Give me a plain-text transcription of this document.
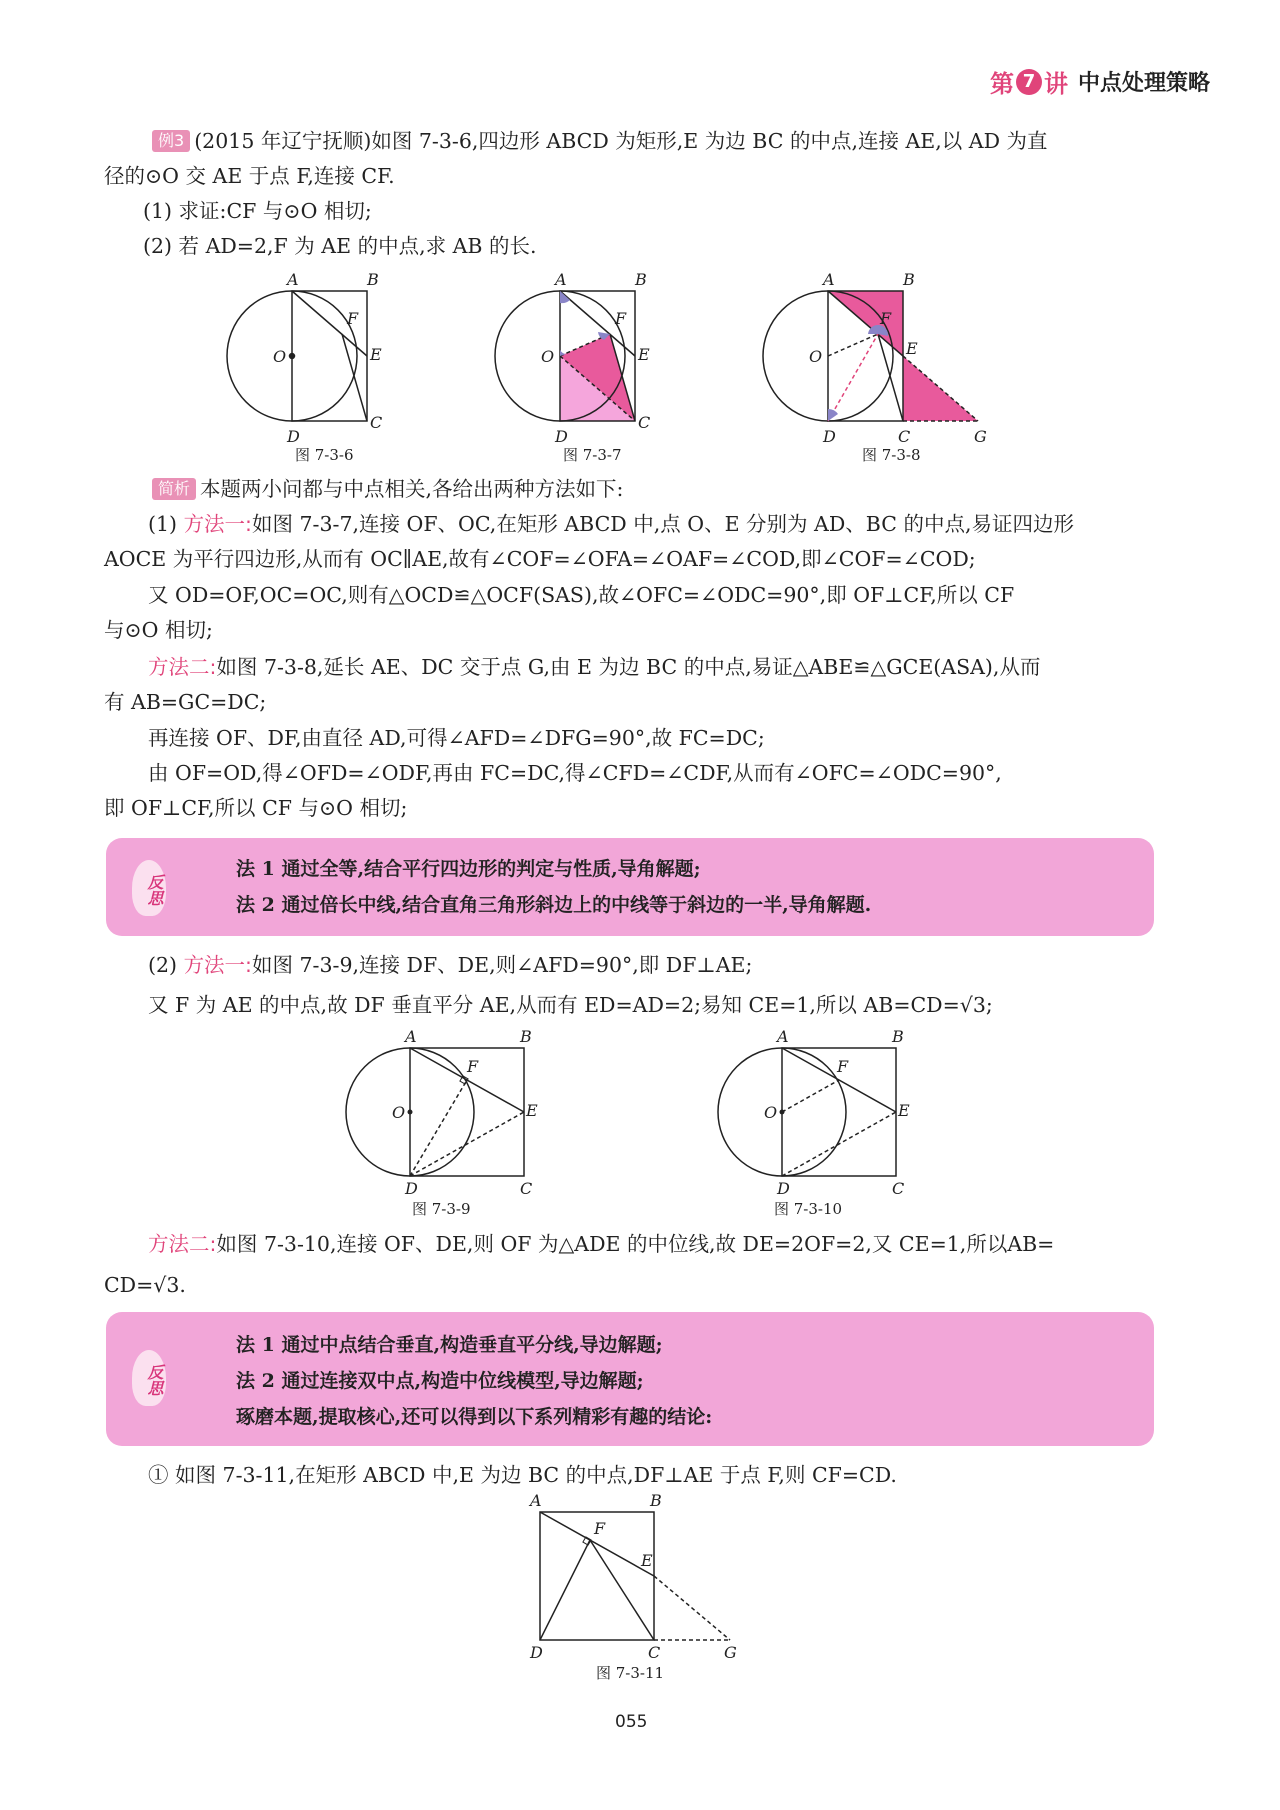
第 7 讲 中点处理策略
例3 (2015 年辽宁抚顺)如图 7-3-6,四边形 ABCD 为矩形,E 为边 BC 的中点,连接 AE,以 AD 为直
径的⊙O 交 AE 于点 F,连接 CF.
(1) 求证:CF 与⊙O 相切;
(2) 若 AD=2,F 为 AE 的中点,求 AB 的长.
A	B
F
O	E
D
C
图 7-3-6
A	B
F
O	E
D
C
图 7-3-7
A	B
F
O	E
D	C	G
图 7-3-8
简析 本题两小问都与中点相关,各给出两种方法如下:
(1) 方法一:如图 7-3-7,连接 OF、OC,在矩形 ABCD 中,点 O、E 分别为 AD、BC 的中点,易证四边形
AOCE 为平行四边形,从而有 OC∥AE,故有∠COF=∠OFA=∠OAF=∠COD,即∠COF=∠COD;
又 OD=OF,OC=OC,则有△OCD≌△OCF(SAS),故∠OFC=∠ODC=90°,即 OF⊥CF,所以 CF
与⊙O 相切;
方法二:如图 7-3-8,延长 AE、DC 交于点 G,由 E 为边 BC 的中点,易证△ABE≌△GCE(ASA),从而
有 AB=GC=DC;
再连接 OF、DF,由直径 AD,可得∠AFD=∠DFG=90°,故 FC=DC;
由 OF=OD,得∠OFD=∠ODF,再由 FC=DC,得∠CFD=∠CDF,从而有∠OFC=∠ODC=90°,
即 OF⊥CF,所以 CF 与⊙O 相切;
反思
法 1 通过全等,结合平行四边形的判定与性质,导角解题;
法 2 通过倍长中线,结合直角三角形斜边上的中线等于斜边的一半,导角解题.
(2) 方法一:如图 7-3-9,连接 DF、DE,则∠AFD=90°,即 DF⊥AE;
又 F 为 AE 的中点,故 DF 垂直平分 AE,从而有 ED=AD=2;易知 CE=1,所以 AB=CD=√3;
A	B
F
O	E
D	C
图 7-3-9
A	B
F
O	E
D	C
图 7-3-10
方法二:如图 7-3-10,连接 OF、DE,则 OF 为△ADE 的中位线,故 DE=2OF=2,又 CE=1,所以AB=
CD=√3.
反思
法 1 通过中点结合垂直,构造垂直平分线,导边解题;
法 2 通过连接双中点,构造中位线模型,导边解题;
琢磨本题,提取核心,还可以得到以下系列精彩有趣的结论:
① 如图 7-3-11,在矩形 ABCD 中,E 为边 BC 的中点,DF⊥AE 于点 F,则 CF=CD.
A	B
F
E
D	C	G
图 7-3-11
055
